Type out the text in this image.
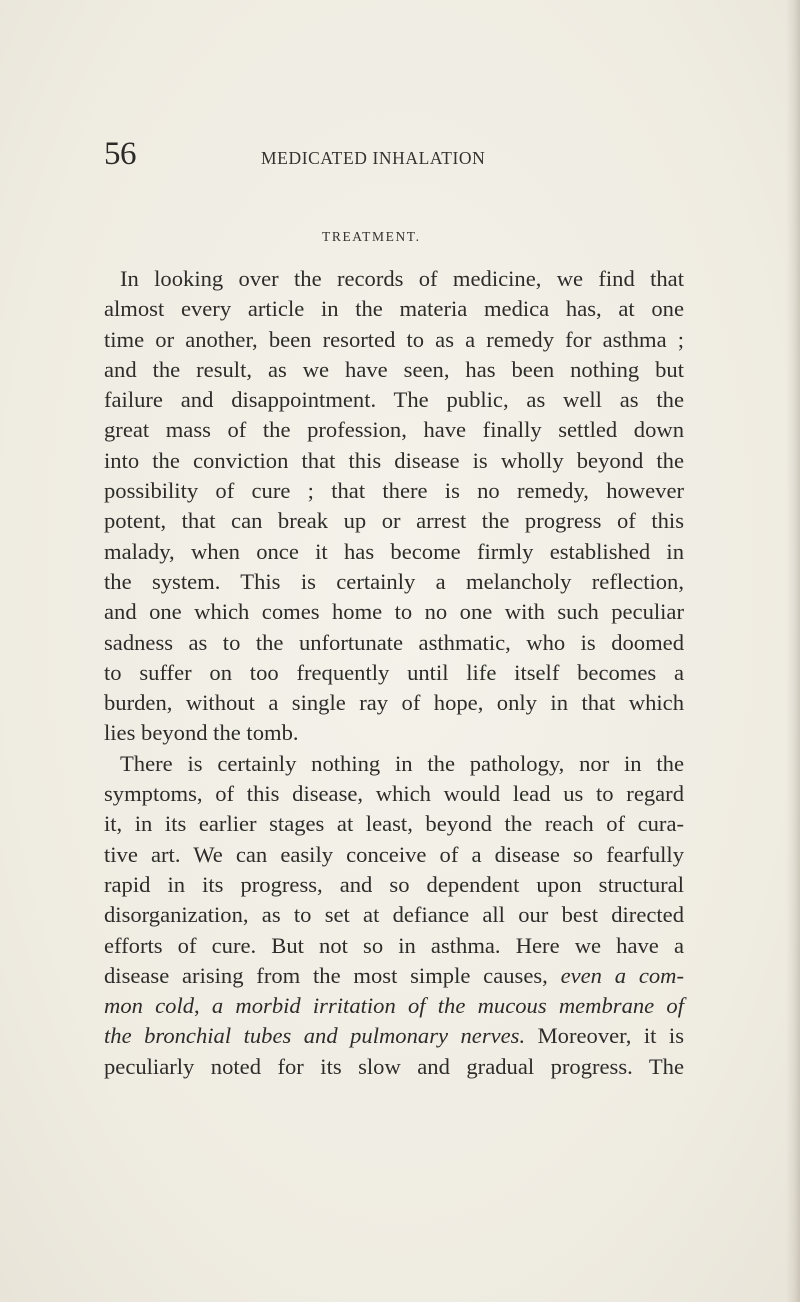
56	MEDICATED INHALATION
TREATMENT.
In looking over the records of medicine, we find that
almost every article in the materia medica has, at one
time or another, been resorted to as a remedy for asthma ;
and the result, as we have seen, has been nothing but
failure and disappointment. The public, as well as the
great mass of the profession, have finally settled down
into the conviction that this disease is wholly beyond the
possibility of cure ; that there is no remedy, however
potent, that can break up or arrest the progress of this
malady, when once it has become firmly established in
the system. This is certainly a melancholy reflection,
and one which comes home to no one with such peculiar
sadness as to the unfortunate asthmatic, who is doomed
to suffer on too frequently until life itself becomes a
burden, without a single ray of hope, only in that which
lies beyond the tomb.
There is certainly nothing in the pathology, nor in the
symptoms, of this disease, which would lead us to regard
it, in its earlier stages at least, beyond the reach of cura-
tive art. We can easily conceive of a disease so fearfully
rapid in its progress, and so dependent upon structural
disorganization, as to set at defiance all our best directed
efforts of cure. But not so in asthma. Here we have a
disease arising from the most simple causes, even a com-
mon cold, a morbid irritation of the mucous membrane of
the bronchial tubes and pulmonary nerves. Moreover, it is
peculiarly noted for its slow and gradual progress. The
